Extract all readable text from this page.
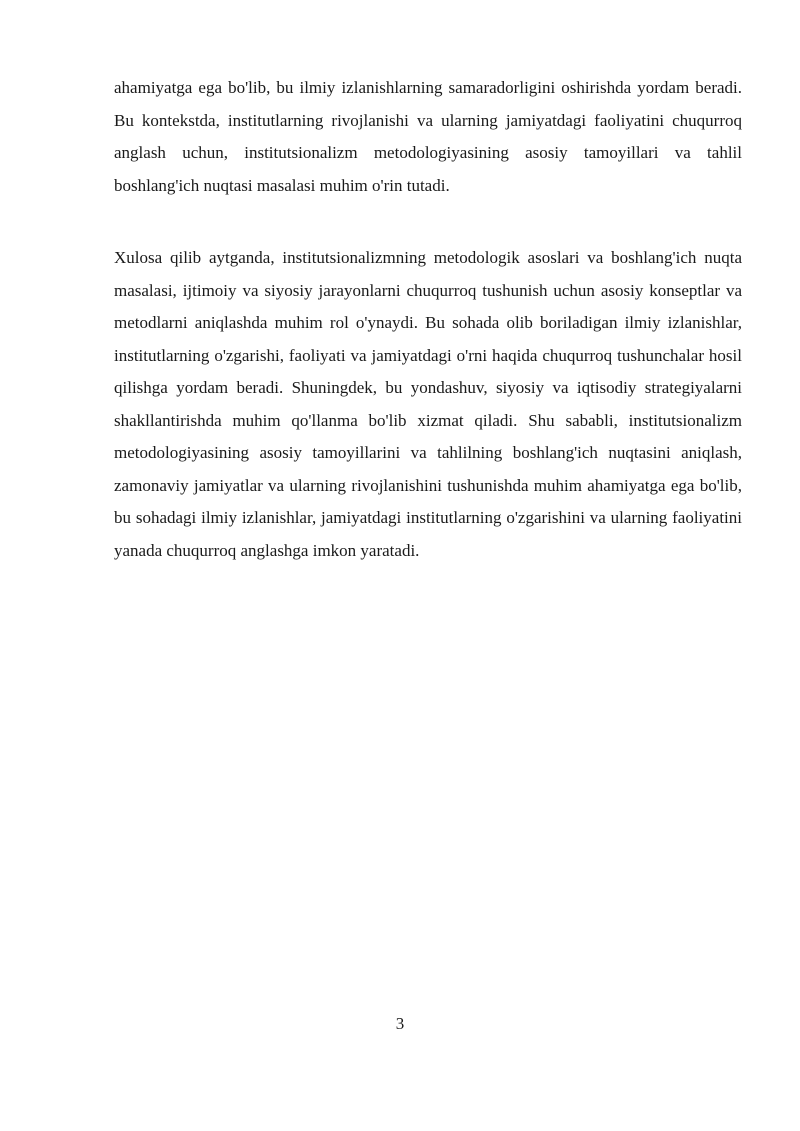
ahamiyatga ega bo'lib, bu ilmiy izlanishlarning samaradorligini oshirishda yordam beradi. Bu kontekstda, institutlarning rivojlanishi va ularning jamiyatdagi faoliyatini chuqurroq anglash uchun, institutsionalizm metodologiyasining asosiy tamoyillari va tahlil boshlang'ich nuqtasi masalasi muhim o'rin tutadi.

Xulosa qilib aytganda, institutsionalizmning metodologik asoslari va boshlang'ich nuqta masalasi, ijtimoiy va siyosiy jarayonlarni chuqurroq tushunish uchun asosiy konseptlar va metodlarni aniqlashda muhim rol o'ynaydi. Bu sohada olib boriladigan ilmiy izlanishlar, institutlarning o'zgarishi, faoliyati va jamiyatdagi o'rni haqida chuqurroq tushunchalar hosil qilishga yordam beradi. Shuningdek, bu yondashuv, siyosiy va iqtisodiy strategiyalarni shakllantirishda muhim qo'llanma bo'lib xizmat qiladi. Shu sababli, institutsionalizm metodologiyasining asosiy tamoyillarini va tahlilning boshlang'ich nuqtasini aniqlash, zamonaviy jamiyatlar va ularning rivojlanishini tushunishda muhim ahamiyatga ega bo'lib, bu sohadagi ilmiy izlanishlar, jamiyatdagi institutlarning o'zgarishini va ularning faoliyatini yanada chuqurroq anglashga imkon yaratadi.

3
